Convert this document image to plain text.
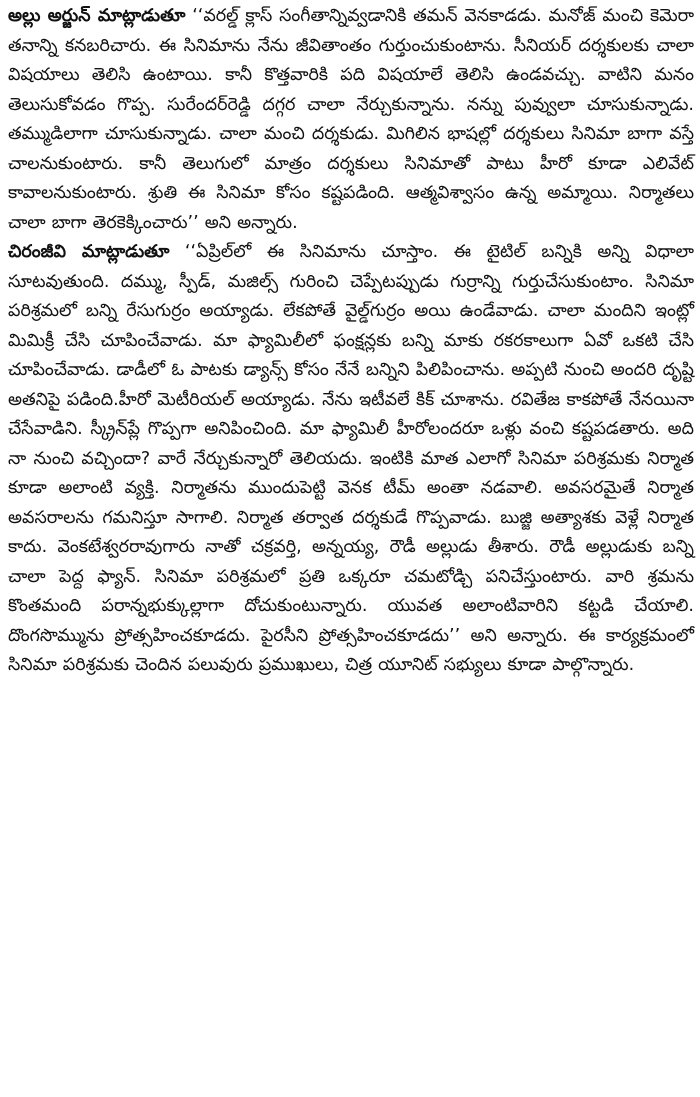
అల్లు అర్జున్ మాట్లాడుతూ ‘‘వరల్డ్ క్లాస్ సంగీతాన్నివ్వడానికి తమన్ వెనకాడడు. మనోజ్ మంచి కెమెరా తనాన్ని కనబరిచారు. ఈ సినిమాను నేను జీవితాంతం గుర్తుంచుకుంటాను. సీనియర్ దర్శకులకు చాలా విషయాలు తెలిసి ఉంటాయి. కానీ కొత్తవారికి పది విషయాలే తెలిసి ఉండవచ్చు. వాటిని మనం తెలుసుకోవడం గొప్ప. సురేందర్‌రెడ్డి దగ్గర చాలా నేర్చుకున్నాను. నన్ను పువ్వులా చూసుకున్నాడు. తమ్ముడిలాగా చూసుకున్నాడు. చాలా మంచి దర్శకుడు. మిగిలిన భాషల్లో దర్శకులు సినిమా బాగా వస్తే చాలనుకుంటారు. కానీ తెలుగులో మాత్రం దర్శకులు సినిమాతో పాటు హీరో కూడా ఎలివేట్ కావాలనుకుంటారు. శ్రుతి ఈ సినిమా కోసం కష్టపడింది. ఆత్మవిశ్వాసం ఉన్న అమ్మాయి. నిర్మాతలు చాలా బాగా తెరకెక్కించారు’’ అని అన్నారు.

చిరంజీవి మాట్లాడుతూ ‘‘ఏప్రిల్‌లో ఈ సినిమాను చూస్తాం. ఈ టైటిల్ బన్నికి అన్ని విధాలా సూటవుతుంది. దమ్ము, స్పీడ్, మజిల్స్ గురించి చెప్పేటప్పుడు గుర్రాన్ని గుర్తుచేసుకుంటాం. సినిమా పరిశ్రమలో బన్ని రేసుగుర్రం అయ్యాడు. లేకపోతే వైల్డ్‌గుర్రం అయి ఉండేవాడు. చాలా మందిని ఇంట్లో మిమిక్రీ చేసి చూపించేవాడు. మా ఫ్యామిలీలో ఫంక్షన్లకు బన్ని మాకు రకరకాలుగా ఏవో ఒకటి చేసి చూపించేవాడు. డాడీలో ఓ పాటకు డ్యాన్స్ కోసం నేనే బన్నిని పిలిపించాను. అప్పటి నుంచి అందరి దృష్టి అతనిపై పడింది.హీరో మెటీరియల్ అయ్యాడు. నేను ఇటీవలే కిక్ చూశాను. రవితేజ కాకపోతే నేనయినా చేసేవాడిని. స్క్రీన్‌ప్లే గొప్పగా అనిపించింది. మా ఫ్యామిలీ హీరోలందరూ ఒళ్లు వంచి కష్టపడతారు. అది నా నుంచి వచ్చిందా? వారే నేర్చుకున్నారో తెలియదు. ఇంటికి మాత ఎలాగో సినిమా పరిశ్రమకు నిర్మాత కూడా అలాంటి వ్యక్తి. నిర్మాతను ముందుపెట్టి వెనక టీమ్ అంతా నడవాలి. అవసరమైతే నిర్మాత అవసరాలను గమనిస్తూ సాగాలి. నిర్మాత తర్వాత దర్శకుడే గొప్పవాడు. బుజ్జి అత్యాశకు వెళ్లే నిర్మాత కాదు. వెంకటేశ్వరరావుగారు నాతో చక్రవర్తి, అన్నయ్య, రౌడీ అల్లుడు తీశారు. రౌడీ అల్లుడుకు బన్ని చాలా పెద్ద ఫ్యాన్. సినిమా పరిశ్రమలో ప్రతి ఒక్కరూ చమటోడ్చి పనిచేస్తుంటారు. వారి శ్రమను కొంతమంది పరాన్నభుక్కుల్లాగా దోచుకుంటున్నారు. యువత అలాంటివారిని కట్టడి చేయాలి. దొంగసొమ్మును ప్రోత్సహించకూడదు. పైరసీని ప్రోత్సహించకూడదు’’ అని అన్నారు. ఈ కార్యక్రమంలో సినిమా పరిశ్రమకు చెందిన పలువురు ప్రముఖులు, చిత్ర యూనిట్ సభ్యులు కూడా పాల్గొన్నారు.
